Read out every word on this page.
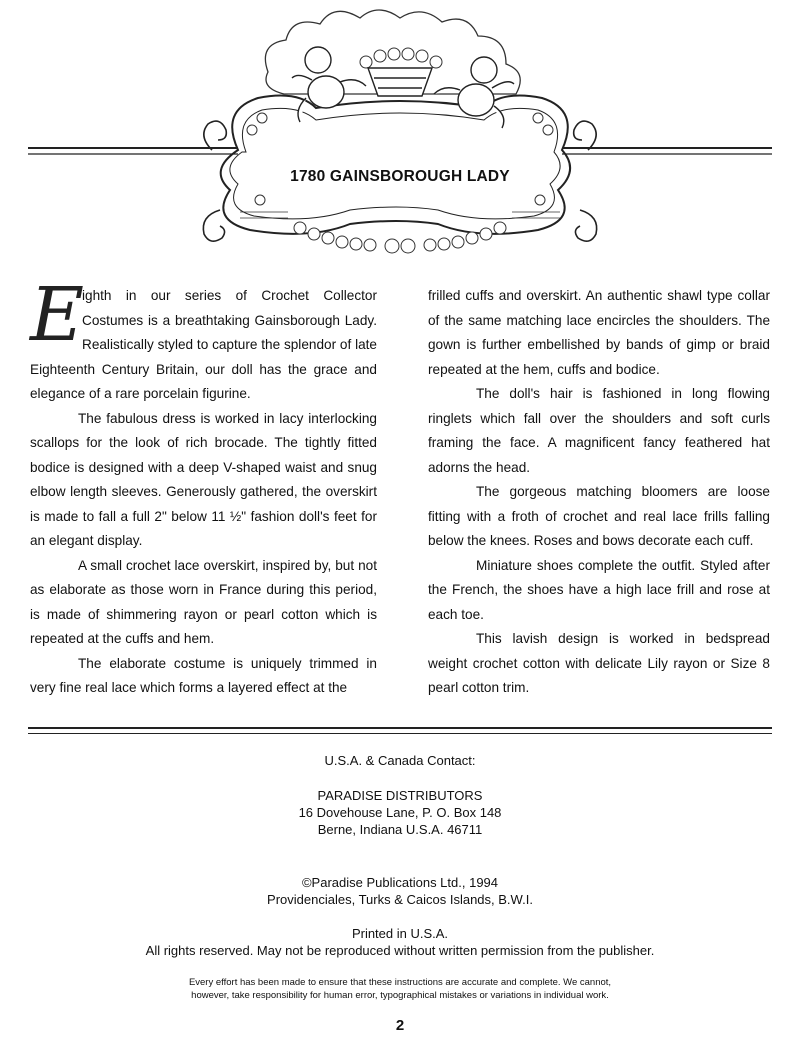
1780 GAINSBOROUGH LADY

E
ighth in our series of Crochet Collector Costumes is a breathtaking Gainsborough Lady. Realistically styled to capture the splendor of late Eighteenth Century Britain, our doll has the grace and elegance of a rare porcelain figurine.

The fabulous dress is worked in lacy interlocking scallops for the look of rich brocade. The tightly fitted bodice is designed with a deep V-shaped waist and snug elbow length sleeves. Generously gathered, the overskirt is made to fall a full 2" below 11 ½" fashion doll's feet for an elegant display.

A small crochet lace overskirt, inspired by, but not as elaborate as those worn in France during this period, is made of shimmering rayon or pearl cotton which is repeated at the cuffs and hem.

The elaborate costume is uniquely trimmed in very fine real lace which forms a layered effect at the

frilled cuffs and overskirt. An authentic shawl type collar of the same matching lace encircles the shoulders. The gown is further embellished by bands of gimp or braid repeated at the hem, cuffs and bodice.

The doll's hair is fashioned in long flowing ringlets which fall over the shoulders and soft curls framing the face. A magnificent fancy feathered hat adorns the head.

The gorgeous matching bloomers are loose fitting with a froth of crochet and real lace frills falling below the knees. Roses and bows decorate each cuff.

Miniature shoes complete the outfit. Styled after the French, the shoes have a high lace frill and rose at each toe.

This lavish design is worked in bedspread weight crochet cotton with delicate Lily rayon or Size 8 pearl cotton trim.

U.S.A. & Canada Contact:
PARADISE DISTRIBUTORS
16 Dovehouse Lane, P. O. Box 148
Berne, Indiana U.S.A. 46711
©Paradise Publications Ltd., 1994
Providenciales, Turks & Caicos Islands, B.W.I.
Printed in U.S.A.
All rights reserved. May not be reproduced without written permission from the publisher.
Every effort has been made to ensure that these instructions are accurate and complete. We cannot,
however, take responsibility for human error, typographical mistakes or variations in individual work.
2
